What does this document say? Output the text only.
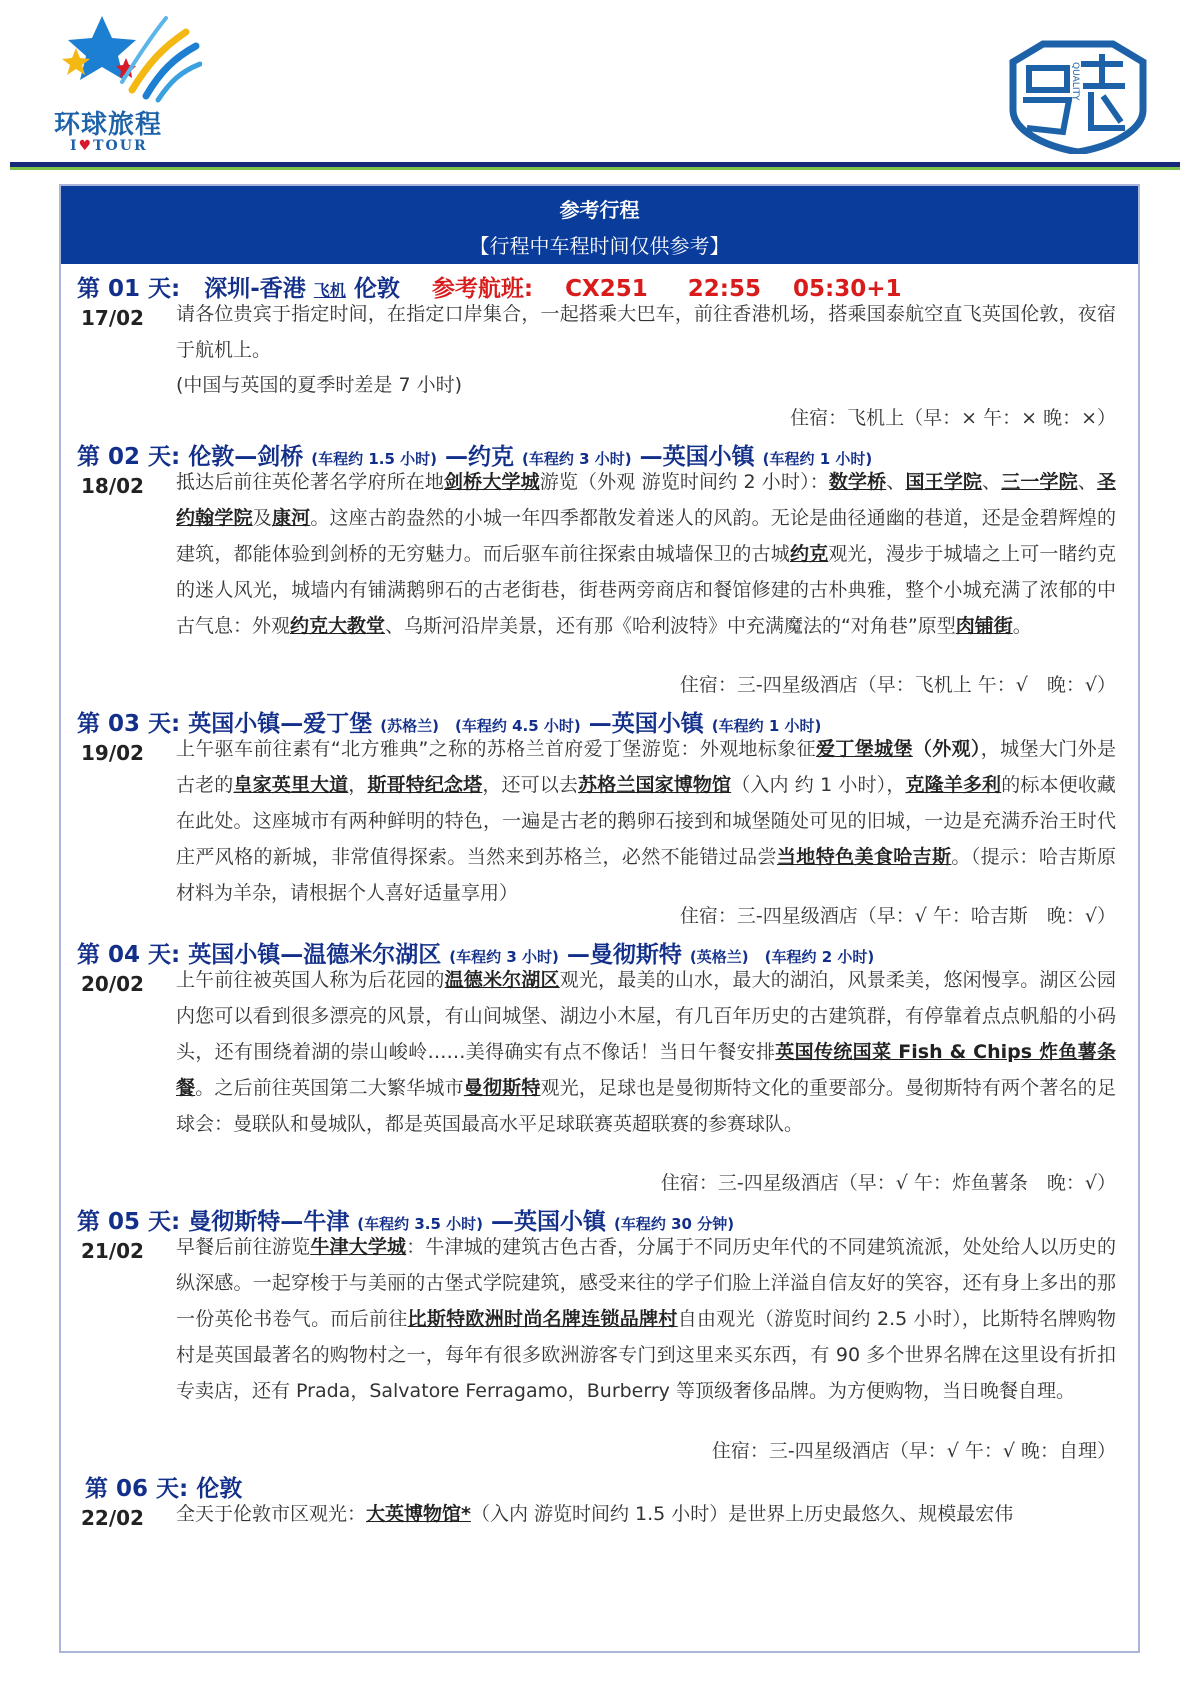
环球旅程
I♥TOUR
QUALITY
参考行程
【行程中车程时间仅供参考】
第 01 天: 深圳-香港 飞机 伦敦 参考航班: CX251 22:55 05:30+1
17/02 请各位贵宾于指定时间，在指定口岸集合，一起搭乘大巴车，前往香港机场，搭乘国泰航空直飞英国伦敦，夜宿于航机上。
(中国与英国的夏季时差是 7 小时)
住宿：飞机上（早：× 午：× 晚：×）
第 02 天: 伦敦—剑桥 (车程约 1.5 小时) —约克 (车程约 3 小时) —英国小镇 (车程约 1 小时)
18/02 抵达后前往英伦著名学府所在地剑桥大学城游览（外观 游览时间约 2 小时）：数学桥、国王学院、三一学院、圣约翰学院及康河。这座古韵盎然的小城一年四季都散发着迷人的风韵。无论是曲径通幽的巷道，还是金碧辉煌的建筑，都能体验到剑桥的无穷魅力。而后驱车前往探索由城墙保卫的古城约克观光，漫步于城墙之上可一睹约克的迷人风光，城墙内有铺满鹅卵石的古老街巷，街巷两旁商店和餐馆修建的古朴典雅，整个小城充满了浓郁的中古气息：外观约克大教堂、乌斯河沿岸美景，还有那《哈利波特》中充满魔法的“对角巷”原型肉铺街。
住宿：三-四星级酒店（早：飞机上 午：√　晚：√）
第 03 天: 英国小镇—爱丁堡 (苏格兰) (车程约 4.5 小时) —英国小镇 (车程约 1 小时)
19/02 上午驱车前往素有“北方雅典”之称的苏格兰首府爱丁堡游览：外观地标象征爱丁堡城堡（外观），城堡大门外是古老的皇家英里大道，斯哥特纪念塔，还可以去苏格兰国家博物馆（入内 约 1 小时），克隆羊多利的标本便收藏在此处。这座城市有两种鲜明的特色，一遍是古老的鹅卵石接到和城堡随处可见的旧城，一边是充满乔治王时代庄严风格的新城，非常值得探索。当然来到苏格兰，必然不能错过品尝当地特色美食哈吉斯。（提示：哈吉斯原材料为羊杂，请根据个人喜好适量享用）
住宿：三-四星级酒店（早：√ 午：哈吉斯　晚：√）
第 04 天: 英国小镇—温德米尔湖区 (车程约 3 小时) —曼彻斯特 (英格兰) (车程约 2 小时)
20/02 上午前往被英国人称为后花园的温德米尔湖区观光，最美的山水，最大的湖泊，风景柔美，悠闲慢享。湖区公园内您可以看到很多漂亮的风景，有山间城堡、湖边小木屋，有几百年历史的古建筑群，有停靠着点点帆船的小码头，还有围绕着湖的崇山峻岭……美得确实有点不像话！当日午餐安排英国传统国菜 Fish & Chips 炸鱼薯条餐。之后前往英国第二大繁华城市曼彻斯特观光，足球也是曼彻斯特文化的重要部分。曼彻斯特有两个著名的足球会：曼联队和曼城队，都是英国最高水平足球联赛英超联赛的参赛球队。
住宿：三-四星级酒店（早：√ 午：炸鱼薯条　晚：√）
第 05 天: 曼彻斯特—牛津 (车程约 3.5 小时) —英国小镇 (车程约 30 分钟)
21/02 早餐后前往游览牛津大学城：牛津城的建筑古色古香，分属于不同历史年代的不同建筑流派，处处给人以历史的纵深感。一起穿梭于与美丽的古堡式学院建筑，感受来往的学子们脸上洋溢自信友好的笑容，还有身上多出的那一份英伦书卷气。而后前往比斯特欧洲时尚名牌连锁品牌村自由观光（游览时间约 2.5 小时），比斯特名牌购物村是英国最著名的购物村之一，每年有很多欧洲游客专门到这里来买东西，有 90 多个世界名牌在这里设有折扣专卖店，还有 Prada，Salvatore Ferragamo，Burberry 等顶级奢侈品牌。为方便购物，当日晚餐自理。
住宿：三-四星级酒店（早：√ 午：√ 晚：自理）
第 06 天: 伦敦
22/02 全天于伦敦市区观光：大英博物馆*（入内 游览时间约 1.5 小时）是世界上历史最悠久、规模最宏伟
